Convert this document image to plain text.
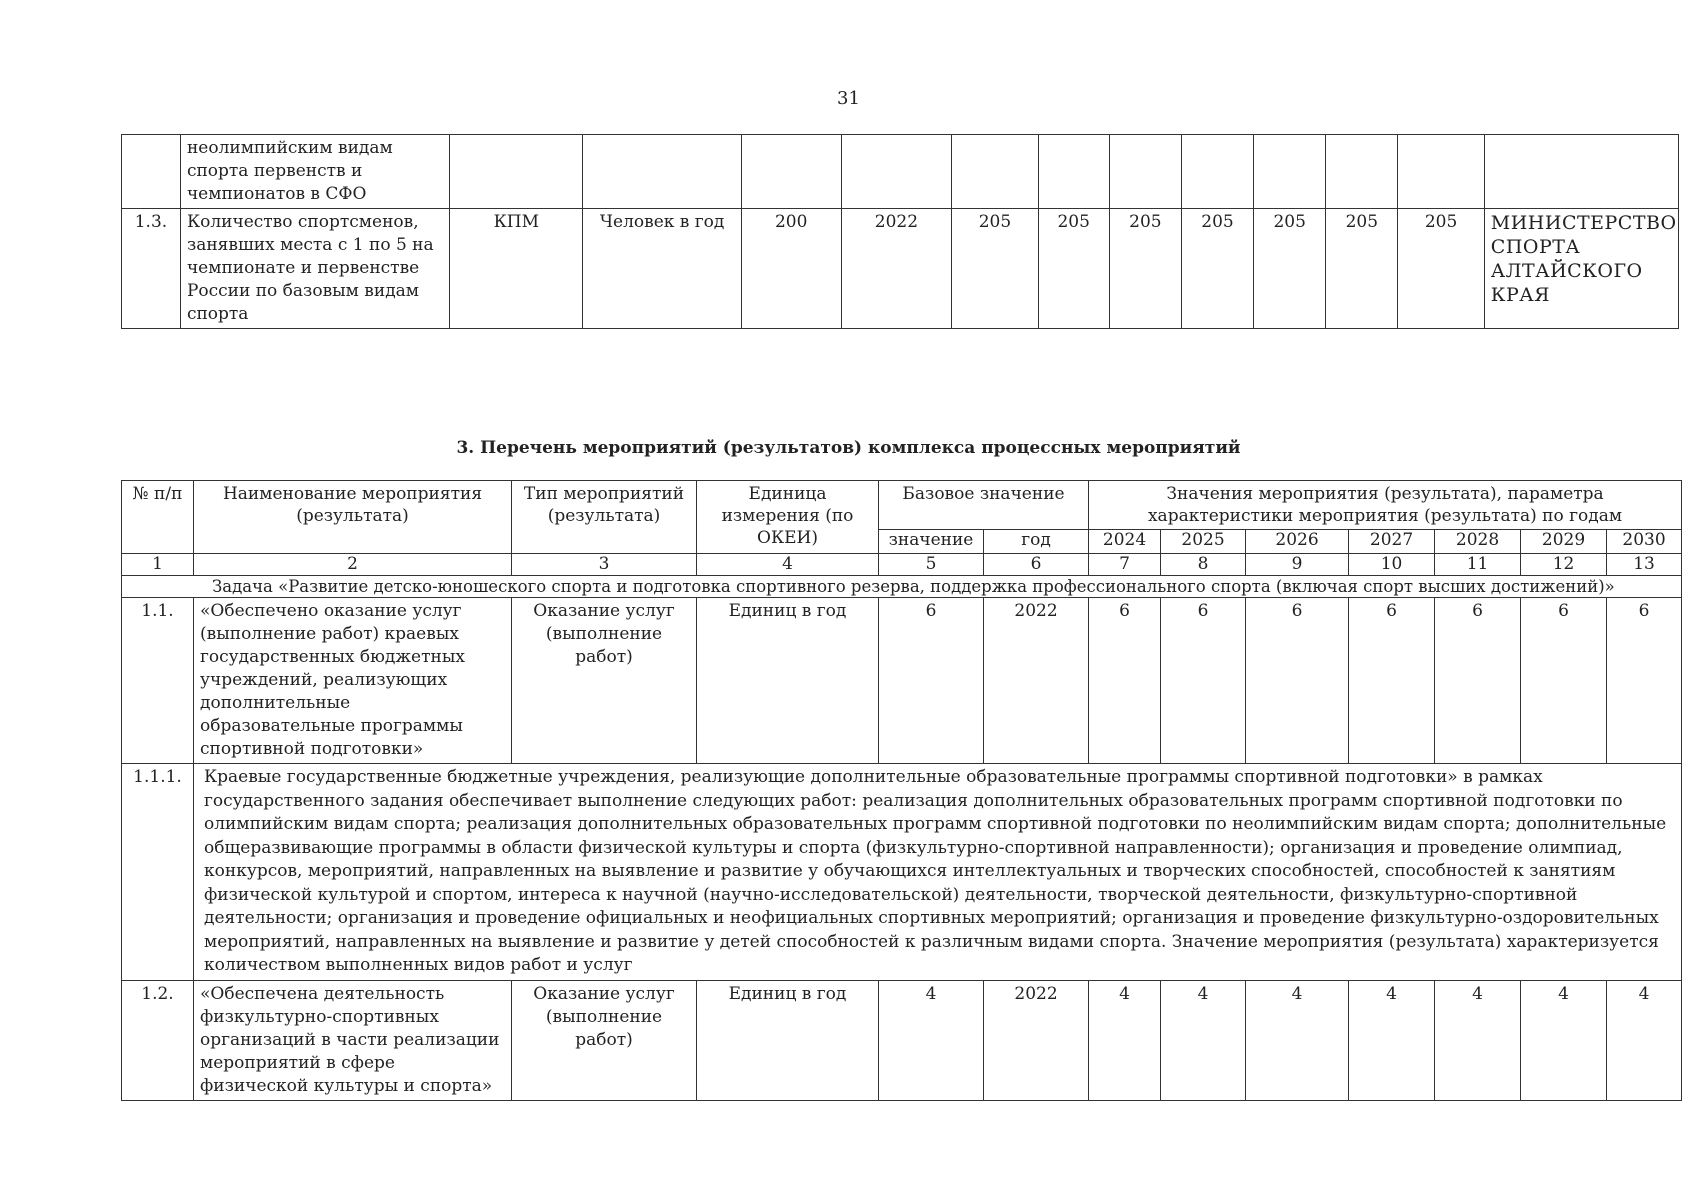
31
	неолимпийским видам спорта первенств и чемпионатов в СФО												
1.3.	Количество спортсменов, занявших места с 1 по 5 на чемпионате и первенстве России по базовым видам спорта	КПМ	Человек в год	200	2022	205	205	205	205	205	205	205	МИНИСТЕРСТВО СПОРТА АЛТАЙСКОГО КРАЯ
3. Перечень мероприятий (результатов) комплекса процессных мероприятий
№ п/п	Наименование мероприятия (результата)	Тип мероприятий (результата)	Единица измерения (по ОКЕИ)	Базовое значение		Значения мероприятия (результата), параметра характеристики мероприятия (результата) по годам						
				значение	год	2024	2025	2026	2027	2028	2029	2030
1	2	3	4	5	6	7	8	9	10	11	12	13
Задача «Развитие детско-юношеского спорта и подготовка спортивного резерва, поддержка профессионального спорта (включая спорт высших достижений)»												
1.1.	«Обеспечено оказание услуг (выполнение работ) краевых государственных бюджетных учреждений, реализующих дополнительные образовательные программы спортивной подготовки»	Оказание услуг (выполнение работ)	Единиц в год	6	2022	6	6	6	6	6	6	6
1.1.1.	Краевые государственные бюджетные учреждения, реализующие дополнительные образовательные программы спортивной подготовки» в рамках государственного задания обеспечивает выполнение следующих работ: реализация дополнительных образовательных программ спортивной подготовки по олимпийским видам спорта; реализация дополнительных образовательных программ спортивной подготовки по неолимпийским видам спорта; дополнительные общеразвивающие программы в области физической культуры и спорта (физкультурно-спортивной направленности); организация и проведение олимпиад, конкурсов, мероприятий, направленных на выявление и развитие у обучающихся интеллектуальных и творческих способностей, способностей к занятиям физической культурой и спортом, интереса к научной (научно-исследовательской) деятельности, творческой деятельности, физкультурно-спортивной деятельности; организация и проведение официальных и неофициальных спортивных мероприятий; организация и проведение физкультурно-оздоровительных мероприятий, направленных на выявление и развитие у детей способностей к различным видами спорта. Значение мероприятия (результата) характеризуется количеством выполненных видов работ и услуг											
1.2.	«Обеспечена деятельность физкультурно-спортивных организаций в части реализации мероприятий в сфере физической культуры и спорта»	Оказание услуг (выполнение работ)	Единиц в год	4	2022	4	4	4	4	4	4	4
